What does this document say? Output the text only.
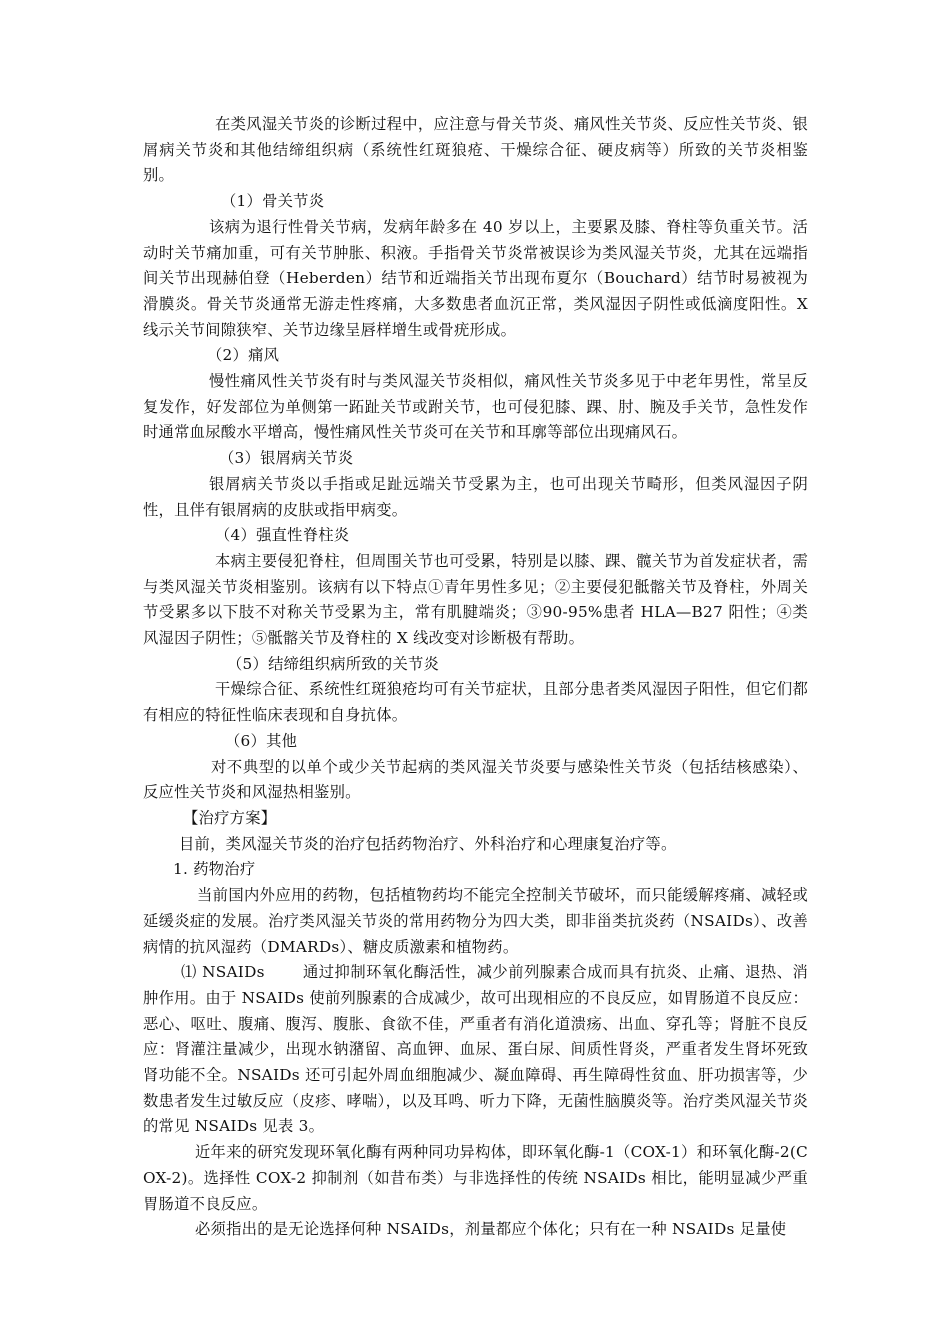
在类风湿关节炎的诊断过程中，应注意与骨关节炎、痛风性关节炎、反应性关节炎、银屑病关节炎和其他结缔组织病（系统性红斑狼疮、干燥综合征、硬皮病等）所致的关节炎相鉴别。

（1）骨关节炎

该病为退行性骨关节病，发病年龄多在 40 岁以上，主要累及膝、脊柱等负重关节。活动时关节痛加重，可有关节肿胀、积液。手指骨关节炎常被误诊为类风湿关节炎，尤其在远端指间关节出现赫伯登（Heberden）结节和近端指关节出现布夏尔（Bouchard）结节时易被视为滑膜炎。骨关节炎通常无游走性疼痛，大多数患者血沉正常，类风湿因子阴性或低滴度阳性。X 线示关节间隙狭窄、关节边缘呈唇样增生或骨疣形成。

（2）痛风

慢性痛风性关节炎有时与类风湿关节炎相似，痛风性关节炎多见于中老年男性，常呈反复发作，好发部位为单侧第一跖趾关节或跗关节，也可侵犯膝、踝、肘、腕及手关节，急性发作时通常血尿酸水平增高，慢性痛风性关节炎可在关节和耳廓等部位出现痛风石。

（3）银屑病关节炎

银屑病关节炎以手指或足趾远端关节受累为主，也可出现关节畸形，但类风湿因子阴性，且伴有银屑病的皮肤或指甲病变。

（4）强直性脊柱炎

本病主要侵犯脊柱，但周围关节也可受累，特别是以膝、踝、髋关节为首发症状者，需与类风湿关节炎相鉴别。该病有以下特点①青年男性多见；②主要侵犯骶髂关节及脊柱，外周关节受累多以下肢不对称关节受累为主，常有肌腱端炎；③90-95%患者 HLA—B27 阳性；④类风湿因子阴性；⑤骶髂关节及脊柱的 X 线改变对诊断极有帮助。

（5）结缔组织病所致的关节炎

干燥综合征、系统性红斑狼疮均可有关节症状，且部分患者类风湿因子阳性，但它们都有相应的特征性临床表现和自身抗体。

（6）其他

对不典型的以单个或少关节起病的类风湿关节炎要与感染性关节炎（包括结核感染）、反应性关节炎和风湿热相鉴别。

【治疗方案】

目前，类风湿关节炎的治疗包括药物治疗、外科治疗和心理康复治疗等。

1. 药物治疗

当前国内外应用的药物，包括植物药均不能完全控制关节破坏，而只能缓解疼痛、减轻或延缓炎症的发展。治疗类风湿关节炎的常用药物分为四大类，即非甾类抗炎药（NSAIDs）、改善病情的抗风湿药（DMARDs）、糖皮质激素和植物药。

⑴ NSAIDs 通过抑制环氧化酶活性，减少前列腺素合成而具有抗炎、止痛、退热、消肿作用。由于 NSAIDs 使前列腺素的合成减少，故可出现相应的不良反应，如胃肠道不良反应：恶心、呕吐、腹痛、腹泻、腹胀、食欲不佳，严重者有消化道溃疡、出血、穿孔等；肾脏不良反应：肾灌注量减少，出现水钠潴留、高血钾、血尿、蛋白尿、间质性肾炎，严重者发生肾坏死致肾功能不全。NSAIDs 还可引起外周血细胞减少、凝血障碍、再生障碍性贫血、肝功损害等，少数患者发生过敏反应（皮疹、哮喘），以及耳鸣、听力下降，无菌性脑膜炎等。治疗类风湿关节炎的常见 NSAIDs 见表 3。

近年来的研究发现环氧化酶有两种同功异构体，即环氧化酶-1（COX-1）和环氧化酶-2(COX-2)。选择性 COX-2 抑制剂（如昔布类）与非选择性的传统 NSAIDs 相比，能明显减少严重胃肠道不良反应。

必须指出的是无论选择何种 NSAIDs，剂量都应个体化；只有在一种 NSAIDs 足量使
